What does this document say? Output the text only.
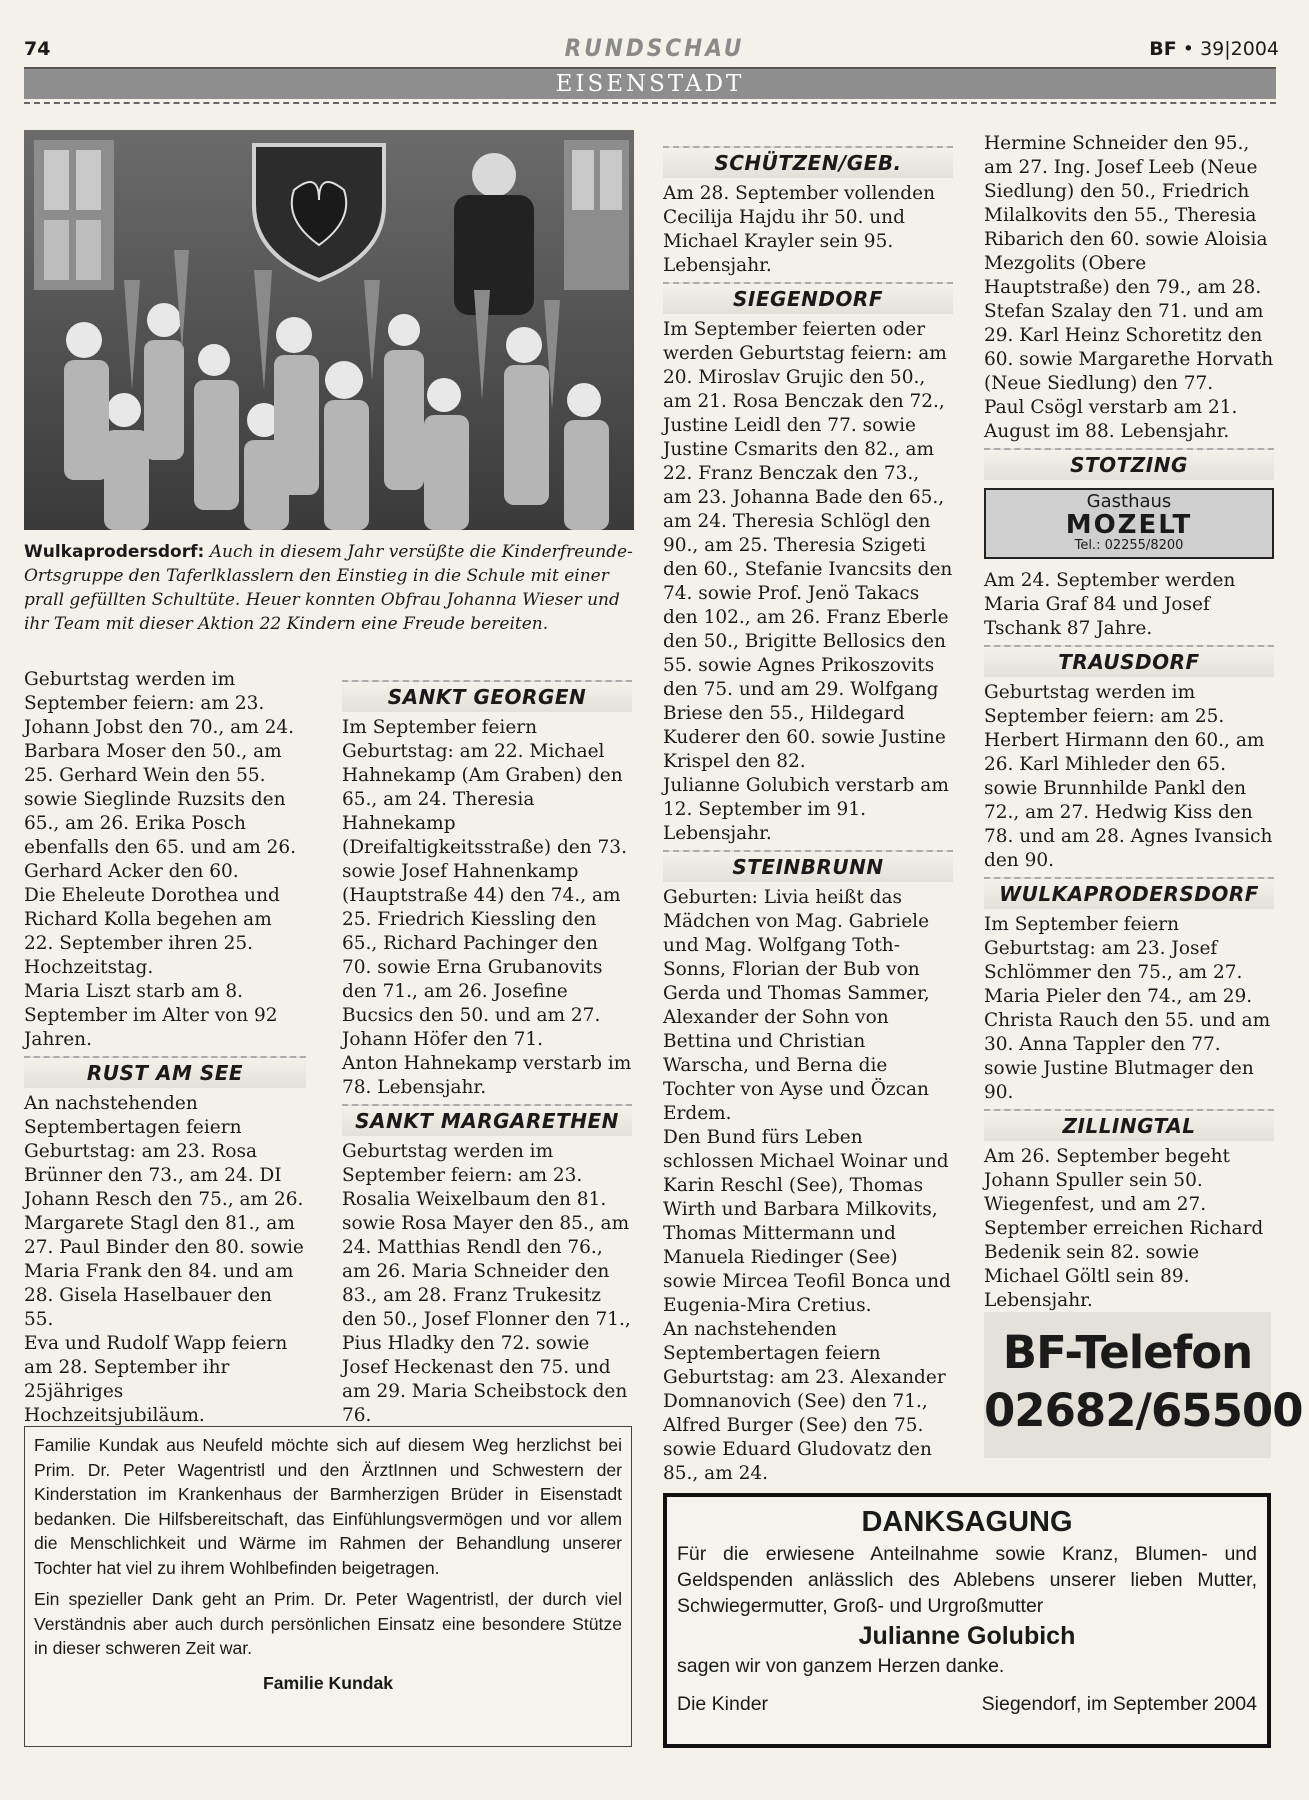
74	RUNDSCHAU	BF • 39|2004
EISENSTADT
Wulkaprodersdorf: Auch in diesem Jahr versüßte die Kinderfreunde-Ortsgruppe den Taferlklasslern den Einstieg in die Schule mit einer prall gefüllten Schultüte. Heuer konnten Obfrau Johanna Wieser und ihr Team mit dieser Aktion 22 Kindern eine Freude bereiten.

Geburtstag werden im September feiern: am 23. Johann Jobst den 70., am 24. Barbara Moser den 50., am 25. Gerhard Wein den 55. sowie Sieglinde Ruzsits den 65., am 26. Erika Posch ebenfalls den 65. und am 26. Gerhard Acker den 60.

Die Eheleute Dorothea und Richard Kolla begehen am 22. September ihren 25. Hochzeitstag.

Maria Liszt starb am 8. September im Alter von 92 Jahren.

RUST AM SEE

An nachstehenden Septembertagen feiern Geburtstag: am 23. Rosa Brünner den 73., am 24. DI Johann Resch den 75., am 26. Margarete Stagl den 81., am 27. Paul Binder den 80. sowie Maria Frank den 84. und am 28. Gisela Haselbauer den 55.

Eva und Rudolf Wapp feiern am 28. September ihr 25jähriges Hochzeitsjubiläum.

SANKT GEORGEN

Im September feiern Geburtstag: am 22. Michael Hahnekamp (Am Graben) den 65., am 24. Theresia Hahnekamp (Dreifaltigkeitsstraße) den 73. sowie Josef Hahnenkamp (Hauptstraße 44) den 74., am 25. Friedrich Kiessling den 65., Richard Pachinger den 70. sowie Erna Grubanovits den 71., am 26. Josefine Bucsics den 50. und am 27. Johann Höfer den 71.

Anton Hahnekamp verstarb im 78. Lebensjahr.

SANKT MARGARETHEN

Geburtstag werden im September feiern: am 23. Rosalia Weixelbaum den 81. sowie Rosa Mayer den 85., am 24. Matthias Rendl den 76., am 26. Maria Schneider den 83., am 28. Franz Trukesitz den 50., Josef Flonner den 71., Pius Hladky den 72. sowie Josef Heckenast den 75. und am 29. Maria Scheibstock den 76.

SCHÜTZEN/GEB.

Am 28. September vollenden Cecilija Hajdu ihr 50. und Michael Krayler sein 95. Lebensjahr.

SIEGENDORF

Im September feierten oder werden Geburtstag feiern: am 20. Miroslav Grujic den 50., am 21. Rosa Benczak den 72., Justine Leidl den 77. sowie Justine Csmarits den 82., am 22. Franz Benczak den 73., am 23. Johanna Bade den 65., am 24. Theresia Schlögl den 90., am 25. Theresia Szigeti den 60., Stefanie Ivancsits den 74. sowie Prof. Jenö Takacs den 102., am 26. Franz Eberle den 50., Brigitte Bellosics den 55. sowie Agnes Prikoszovits den 75. und am 29. Wolfgang Briese den 55., Hildegard Kuderer den 60. sowie Justine Krispel den 82.

Julianne Golubich verstarb am 12. September im 91. Lebensjahr.

STEINBRUNN

Geburten: Livia heißt das Mädchen von Mag. Gabriele und Mag. Wolfgang Toth-Sonns, Florian der Bub von Gerda und Thomas Sammer, Alexander der Sohn von Bettina und Christian Warscha, und Berna die Tochter von Ayse und Özcan Erdem.

Den Bund fürs Leben schlossen Michael Woinar und Karin Reschl (See), Thomas Wirth und Barbara Milkovits, Thomas Mittermann und Manuela Riedinger (See) sowie Mircea Teofil Bonca und Eugenia-Mira Cretius.

An nachstehenden Septembertagen feiern Geburtstag: am 23. Alexander Domnanovich (See) den 71., Alfred Burger (See) den 75. sowie Eduard Gludovatz den 85., am 24.

Hermine Schneider den 95., am 27. Ing. Josef Leeb (Neue Siedlung) den 50., Friedrich Milalkovits den 55., Theresia Ribarich den 60. sowie Aloisia Mezgolits (Obere Hauptstraße) den 79., am 28. Stefan Szalay den 71. und am 29. Karl Heinz Schoretitz den 60. sowie Margarethe Horvath (Neue Siedlung) den 77.

Paul Csögl verstarb am 21. August im 88. Lebensjahr.

STOTZING
Gasthaus
MOZELT
Tel.: 02255/8200

Am 24. September werden Maria Graf 84 und Josef Tschank 87 Jahre.

TRAUSDORF

Geburtstag werden im September feiern: am 25. Herbert Hirmann den 60., am 26. Karl Mihleder den 65. sowie Brunnhilde Pankl den 72., am 27. Hedwig Kiss den 78. und am 28. Agnes Ivansich den 90.

WULKAPRODERSDORF

Im September feiern Geburtstag: am 23. Josef Schlömmer den 75., am 27. Maria Pieler den 74., am 29. Christa Rauch den 55. und am 30. Anna Tappler den 77. sowie Justine Blutmager den 90.

ZILLINGTAL

Am 26. September begeht Johann Spuller sein 50. Wiegenfest, und am 27. September erreichen Richard Bedenik sein 82. sowie Michael Göltl sein 89. Lebensjahr.

BF-Telefon
02682/65500

Familie Kundak aus Neufeld möchte sich auf diesem Weg herzlichst bei Prim. Dr. Peter Wagentristl und den ÄrztInnen und Schwestern der Kinderstation im Krankenhaus der Barmherzigen Brüder in Eisenstadt bedanken. Die Hilfsbereitschaft, das Einfühlungsvermögen und vor allem die Menschlichkeit und Wärme im Rahmen der Behandlung unserer Tochter hat viel zu ihrem Wohlbefinden beigetragen.

Ein spezieller Dank geht an Prim. Dr. Peter Wagentristl, der durch viel Verständnis aber auch durch persönlichen Einsatz eine besondere Stütze in dieser schweren Zeit war.

Familie Kundak
DANKSAGUNG
Für die erwiesene Anteilnahme sowie Kranz, Blumen- und Geldspenden anlässlich des Ablebens unserer lieben Mutter, Schwiegermutter, Groß- und Urgroßmutter
Julianne Golubich
sagen wir von ganzem Herzen danke.
Die Kinder	Siegendorf, im September 2004
